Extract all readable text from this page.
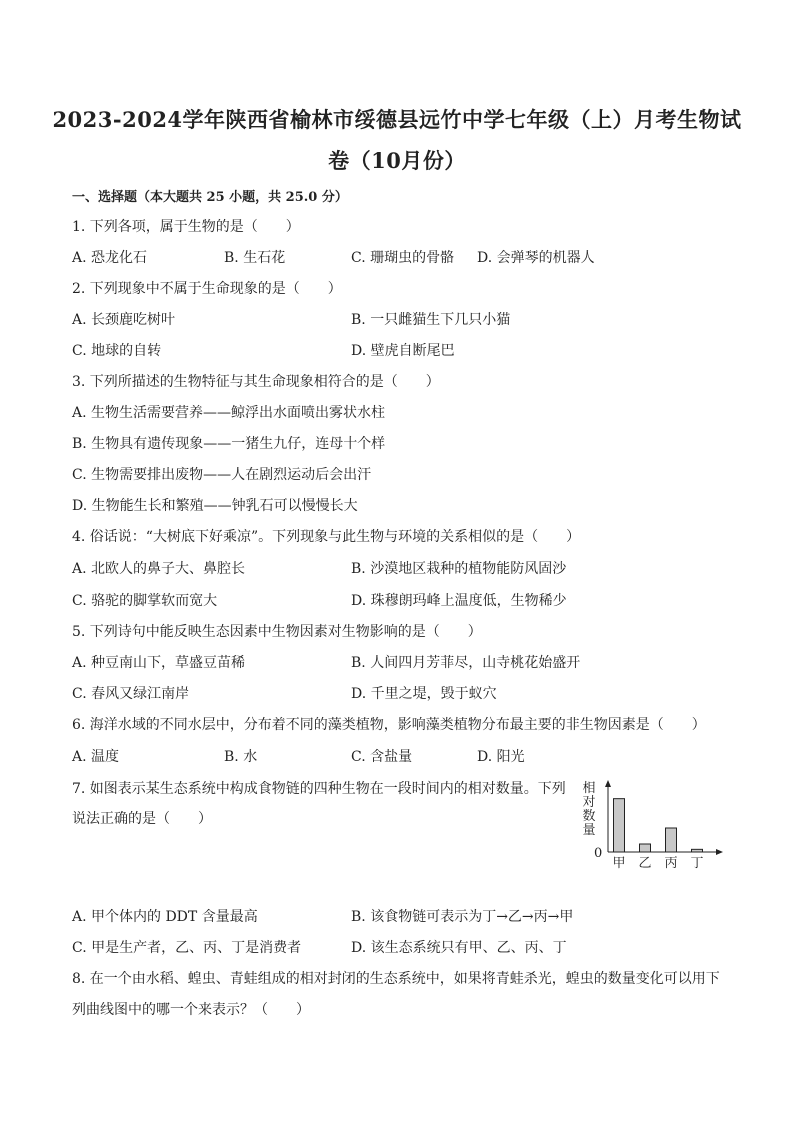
2023-2024学年陕西省榆林市绥德县远竹中学七年级（上）月考生物试
卷（10月份）
一、选择题（本大题共 25 小题，共 25.0 分）
1. 下列各项，属于生物的是（　　）
A. 恐龙化石	B. 生石花	C. 珊瑚虫的骨骼 D. 会弹琴的机器人
2. 下列现象中不属于生命现象的是（　　）
A. 长颈鹿吃树叶	B. 一只雌猫生下几只小猫
C. 地球的自转	D. 壁虎自断尾巴
3. 下列所描述的生物特征与其生命现象相符合的是（　　）
A. 生物生活需要营养——鲸浮出水面喷出雾状水柱
B. 生物具有遗传现象——一猪生九仔，连母十个样
C. 生物需要排出废物——人在剧烈运动后会出汗
D. 生物能生长和繁殖——钟乳石可以慢慢长大
4. 俗话说：“大树底下好乘凉”。下列现象与此生物与环境的关系相似的是（　　）
A. 北欧人的鼻子大、鼻腔长	B. 沙漠地区栽种的植物能防风固沙
C. 骆驼的脚掌软而宽大	D. 珠穆朗玛峰上温度低，生物稀少
5. 下列诗句中能反映生态因素中生物因素对生物影响的是（　　）
A. 种豆南山下，草盛豆苗稀	B. 人间四月芳菲尽，山寺桃花始盛开
C. 春风又绿江南岸	D. 千里之堤，毁于蚁穴
6. 海洋水域的不同水层中，分布着不同的藻类植物，影响藻类植物分布最主要的非生物因素是（　　）
A. 温度	B. 水	C. 含盐量	D. 阳光
7. 如图表示某生态系统中构成食物链的四种生物在一段时间内的相对数量。下列
说法正确的是（　　）
相
对
数
量
0
甲 乙 丙 丁
A. 甲个体内的 DDT 含量最高	B. 该食物链可表示为丁→乙→丙→甲
C. 甲是生产者，乙、丙、丁是消费者	D. 该生态系统只有甲、乙、丙、丁
8. 在一个由水稻、蝗虫、青蛙组成的相对封闭的生态系统中，如果将青蛙杀光，蝗虫的数量变化可以用下
列曲线图中的哪一个来表示？（　　）
